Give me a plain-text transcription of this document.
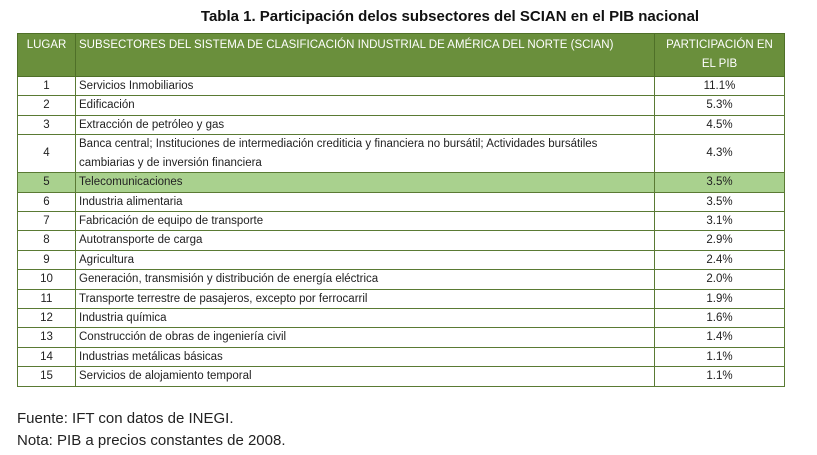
Tabla 1. Participación delos subsectores del SCIAN en el PIB nacional
LUGAR	SUBSECTORES DEL SISTEMA DE CLASIFICACIÓN INDUSTRIAL DE AMÉRICA DEL NORTE (SCIAN)	PARTICIPACIÓN EN EL PIB
1	Servicios Inmobiliarios	11.1%
2	Edificación	5.3%
3	Extracción de petróleo y gas	4.5%
4	Banca central; Instituciones de intermediación crediticia y financiera no bursátil; Actividades bursátiles cambiarias y de inversión financiera	4.3%
5	Telecomunicaciones	3.5%
6	Industria alimentaria	3.5%
7	Fabricación de equipo de transporte	3.1%
8	Autotransporte de carga	2.9%
9	Agricultura	2.4%
10	Generación, transmisión y distribución de energía eléctrica	2.0%
11	Transporte terrestre de pasajeros, excepto por ferrocarril	1.9%
12	Industria química	1.6%
13	Construcción de obras de ingeniería civil	1.4%
14	Industrias metálicas básicas	1.1%
15	Servicios de alojamiento temporal	1.1%
Fuente: IFT con datos de INEGI.
Nota: PIB a precios constantes de 2008.
